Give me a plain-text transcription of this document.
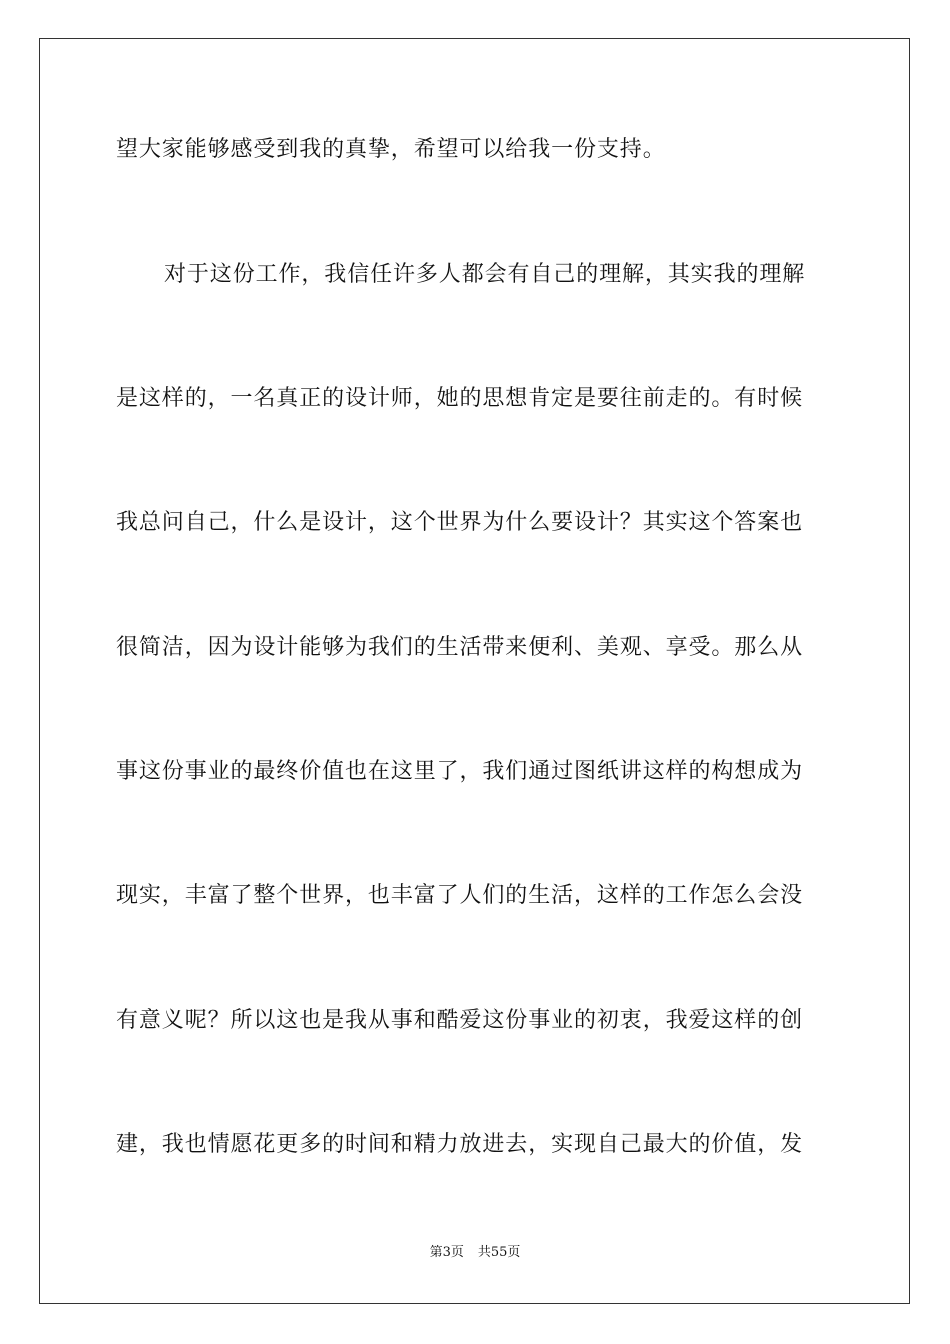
望大家能够感受到我的真挚，希望可以给我一份支持。
对于这份工作，我信任许多人都会有自己的理解，其实我的理解
是这样的，一名真正的设计师，她的思想肯定是要往前走的。有时候
我总问自己，什么是设计，这个世界为什么要设计？其实这个答案也
很简洁，因为设计能够为我们的生活带来便利、美观、享受。那么从
事这份事业的最终价值也在这里了，我们通过图纸讲这样的构想成为
现实，丰富了整个世界，也丰富了人们的生活，这样的工作怎么会没
有意义呢？所以这也是我从事和酷爱这份事业的初衷，我爱这样的创
建，我也情愿花更多的时间和精力放进去，实现自己最大的价值，发
第3页 共55页
